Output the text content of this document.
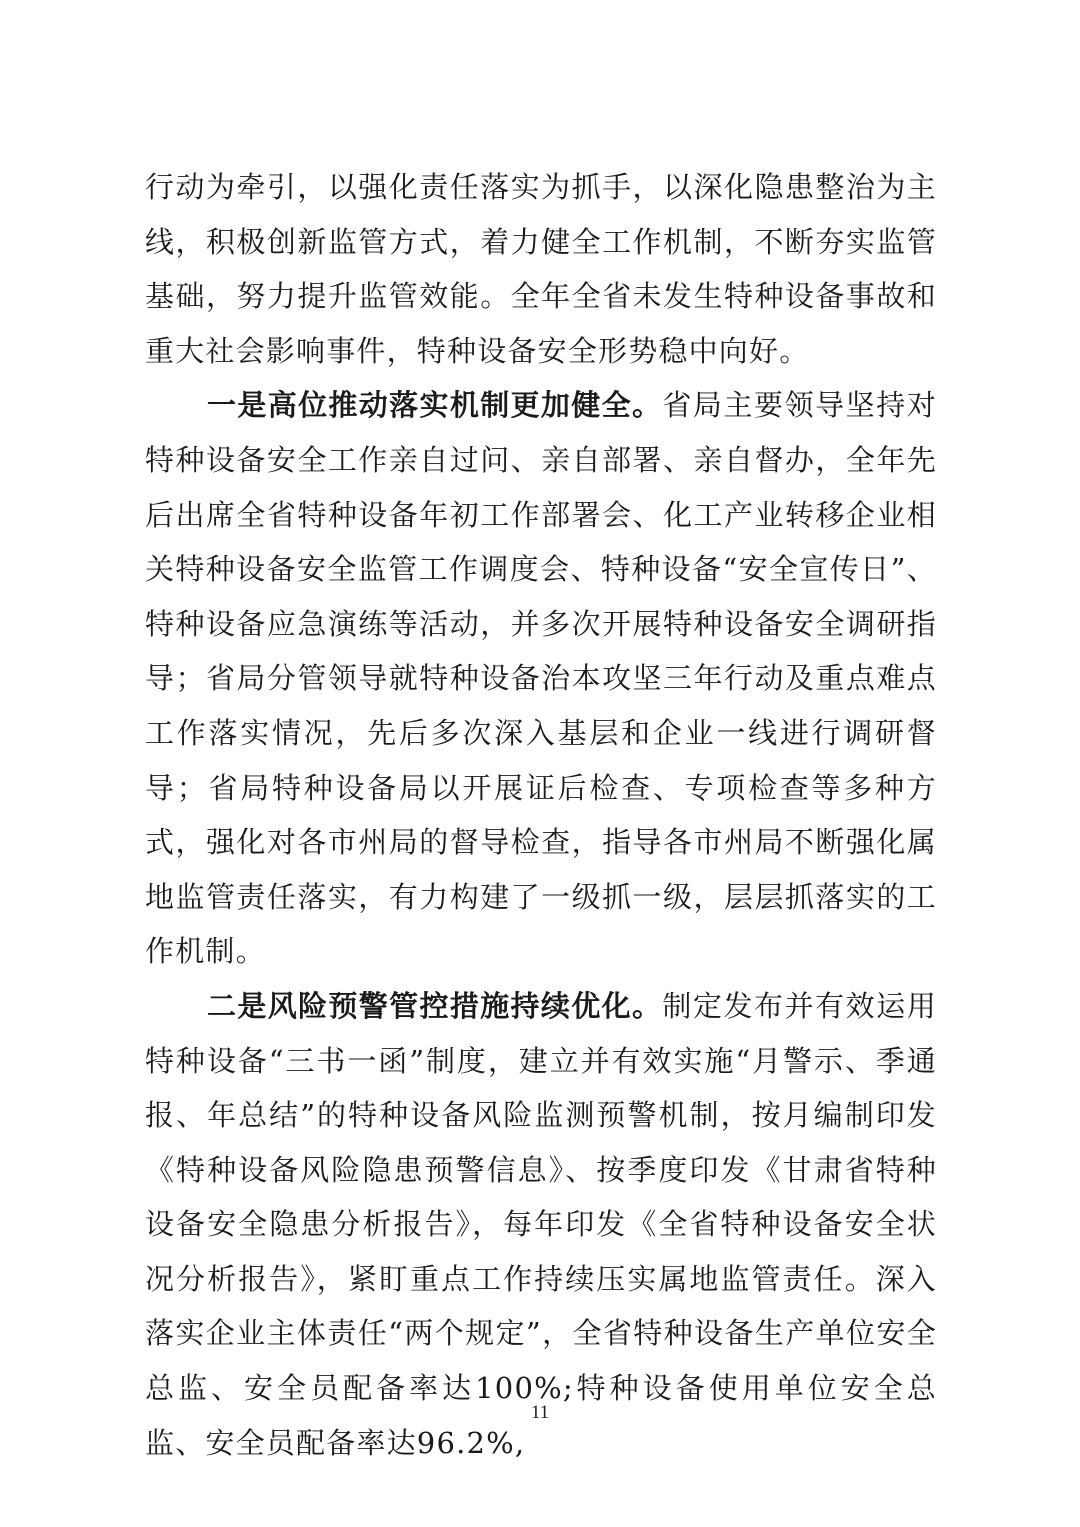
行动为牵引，以强化责任落实为抓手，以深化隐患整治为主线，积极创新监管方式，着力健全工作机制，不断夯实监管基础，努力提升监管效能。全年全省未发生特种设备事故和重大社会影响事件，特种设备安全形势稳中向好。

一是高位推动落实机制更加健全。省局主要领导坚持对特种设备安全工作亲自过问、亲自部署、亲自督办，全年先后出席全省特种设备年初工作部署会、化工产业转移企业相关特种设备安全监管工作调度会、特种设备“安全宣传日”、特种设备应急演练等活动，并多次开展特种设备安全调研指导；省局分管领导就特种设备治本攻坚三年行动及重点难点工作落实情况，先后多次深入基层和企业一线进行调研督导；省局特种设备局以开展证后检查、专项检查等多种方式，强化对各市州局的督导检查，指导各市州局不断强化属地监管责任落实，有力构建了一级抓一级，层层抓落实的工作机制。

二是风险预警管控措施持续优化。制定发布并有效运用特种设备“三书一函”制度，建立并有效实施“月警示、季通报、年总结”的特种设备风险监测预警机制，按月编制印发《特种设备风险隐患预警信息》、按季度印发《甘肃省特种设备安全隐患分析报告》，每年印发《全省特种设备安全状况分析报告》，紧盯重点工作持续压实属地监管责任。深入落实企业主体责任“两个规定”，全省特种设备生产单位安全总监、安全员配备率达100%;特种设备使用单位安全总监、安全员配备率达96.2%,

11
